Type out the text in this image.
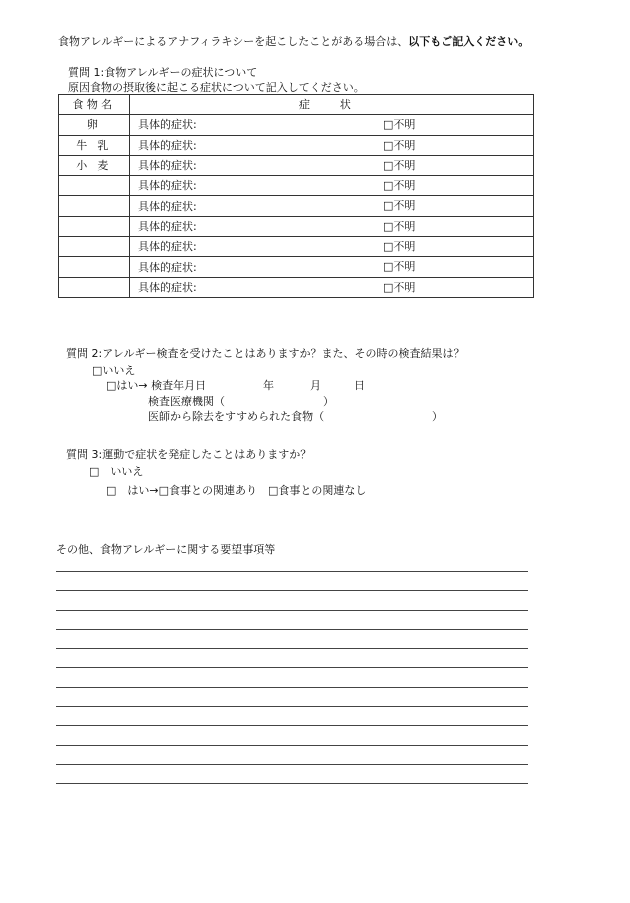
食物アレルギーによるアナフィラキシーを起こしたことがある場合は、以下もご記入ください。
質問 1:食物アレルギーの症状について
原因食物の摂取後に起こる症状について記入してください。
食物名	症 状
卵	具体的症状: □不明

牛 乳	具体的症状: □不明

小 麦	具体的症状: □不明

	具体的症状: □不明

	具体的症状: □不明

	具体的症状: □不明

	具体的症状: □不明

	具体的症状: □不明

	具体的症状: □不明
質問 2:アレルギー検査を受けたことはありますか？また、その時の検査結果は？
□いいえ
□はい→ 検査年月日	年	月	日
検査医療機関（	）
医師から除去をすすめられた食物（	）
質問 3:運動で症状を発症したことはありますか？
□　いいえ
□　はい→□食事との関連あり　□食事との関連なし
その他、食物アレルギーに関する要望事項等
